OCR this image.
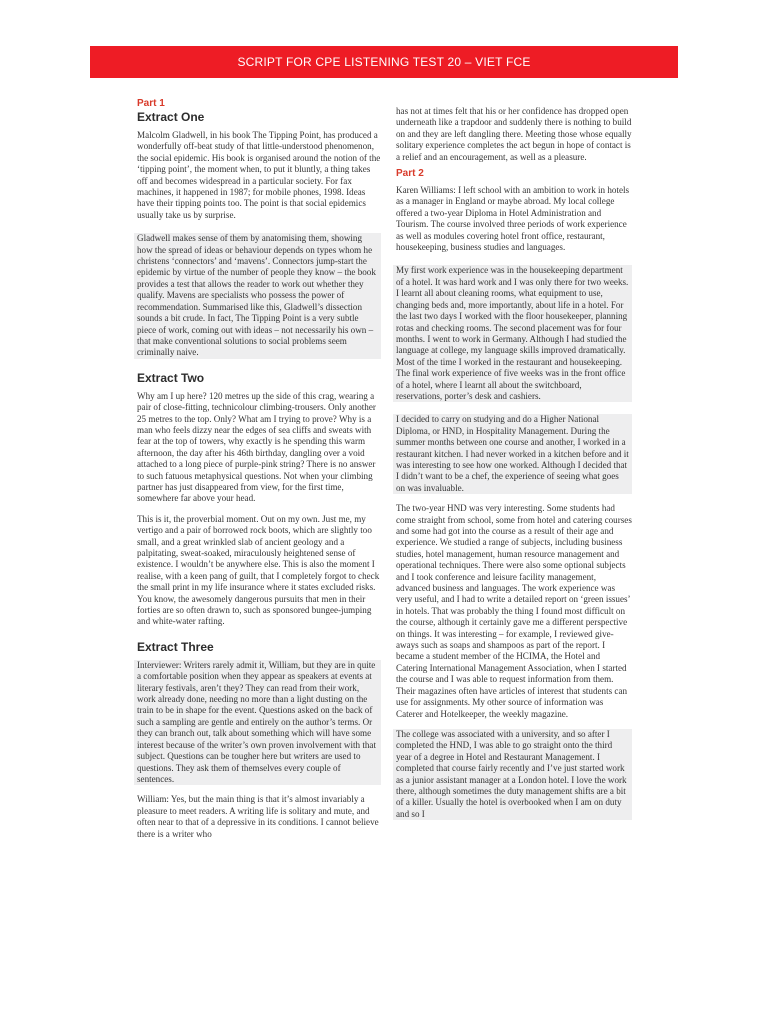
SCRIPT FOR CPE LISTENING TEST 20 – VIET FCE

Part 1

Extract One

Malcolm Gladwell, in his book The Tipping Point, has produced a wonderfully off-beat study of that little-understood phenomenon, the social epidemic. His book is organised around the notion of the ‘tipping point’, the moment when, to put it bluntly, a thing takes off and becomes widespread in a particular society. For fax machines, it happened in 1987; for mobile phones, 1998. Ideas have their tipping points too. The point is that social epidemics usually take us by surprise.

Gladwell makes sense of them by anatomising them, showing how the spread of ideas or behaviour depends on types whom he christens ‘connectors’ and ‘mavens’. Connectors jump-start the epidemic by virtue of the number of people they know – the book provides a test that allows the reader to work out whether they qualify. Mavens are specialists who possess the power of recommendation. Summarised like this, Gladwell’s dissection sounds a bit crude. In fact, The Tipping Point is a very subtle piece of work, coming out with ideas – not necessarily his own – that make conventional solutions to social problems seem criminally naive.

Extract Two

Why am I up here? 120 metres up the side of this crag, wearing a pair of close-fitting, technicolour climbing-trousers. Only another 25 metres to the top. Only? What am I trying to prove? Why is a man who feels dizzy near the edges of sea cliffs and sweats with fear at the top of towers, why exactly is he spending this warm afternoon, the day after his 46th birthday, dangling over a void attached to a long piece of purple-pink string? There is no answer to such fatuous metaphysical questions. Not when your climbing partner has just disappeared from view, for the first time, somewhere far above your head.

This is it, the proverbial moment. Out on my own. Just me, my vertigo and a pair of borrowed rock boots, which are slightly too small, and a great wrinkled slab of ancient geology and a palpitating, sweat-soaked, miraculously heightened sense of existence. I wouldn’t be anywhere else. This is also the moment I realise, with a keen pang of guilt, that I completely forgot to check the small print in my life insurance where it states excluded risks. You know, the awesomely dangerous pursuits that men in their forties are so often drawn to, such as sponsored bungee-jumping and white-water rafting.

Extract Three

Interviewer: Writers rarely admit it, William, but they are in quite a comfortable position when they appear as speakers at events at literary festivals, aren’t they? They can read from their work, work already done, needing no more than a light dusting on the train to be in shape for the event. Questions asked on the back of such a sampling are gentle and entirely on the author’s terms. Or they can branch out, talk about something which will have some interest because of the writer’s own proven involvement with that subject. Questions can be tougher here but writers are used to questions. They ask them of themselves every couple of sentences.

William: Yes, but the main thing is that it’s almost invariably a pleasure to meet readers. A writing life is solitary and mute, and often near to that of a depressive in its conditions. I cannot believe there is a writer who

has not at times felt that his or her confidence has dropped open underneath like a trapdoor and suddenly there is nothing to build on and they are left dangling there. Meeting those whose equally solitary experience completes the act begun in hope of contact is a relief and an encouragement, as well as a pleasure.

Part 2

Karen Williams: I left school with an ambition to work in hotels as a manager in England or maybe abroad. My local college offered a two-year Diploma in Hotel Administration and Tourism. The course involved three periods of work experience as well as modules covering hotel front office, restaurant, housekeeping, business studies and languages.

My first work experience was in the housekeeping department of a hotel. It was hard work and I was only there for two weeks. I learnt all about cleaning rooms, what equipment to use, changing beds and, more importantly, about life in a hotel. For the last two days I worked with the floor housekeeper, planning rotas and checking rooms. The second placement was for four months. I went to work in Germany. Although I had studied the language at college, my language skills improved dramatically. Most of the time I worked in the restaurant and housekeeping. The final work experience of five weeks was in the front office of a hotel, where I learnt all about the switchboard, reservations, porter’s desk and cashiers.

I decided to carry on studying and do a Higher National Diploma, or HND, in Hospitality Management. During the summer months between one course and another, I worked in a restaurant kitchen. I had never worked in a kitchen before and it was interesting to see how one worked. Although I decided that I didn’t want to be a chef, the experience of seeing what goes on was invaluable.

The two-year HND was very interesting. Some students had come straight from school, some from hotel and catering courses and some had got into the course as a result of their age and experience. We studied a range of subjects, including business studies, hotel management, human resource management and operational techniques. There were also some optional subjects and I took conference and leisure facility management, advanced business and languages. The work experience was very useful, and I had to write a detailed report on ‘green issues’ in hotels. That was probably the thing I found most difficult on the course, although it certainly gave me a different perspective on things. It was interesting – for example, I reviewed give-aways such as soaps and shampoos as part of the report. I became a student member of the HCIMA, the Hotel and Catering International Management Association, when I started the course and I was able to request information from them. Their magazines often have articles of interest that students can use for assignments. My other source of information was Caterer and Hotelkeeper, the weekly magazine.

The college was associated with a university, and so after I completed the HND, I was able to go straight onto the third year of a degree in Hotel and Restaurant Management. I completed that course fairly recently and I’ve just started work as a junior assistant manager at a London hotel. I love the work there, although sometimes the duty management shifts are a bit of a killer. Usually the hotel is overbooked when I am on duty and so I
